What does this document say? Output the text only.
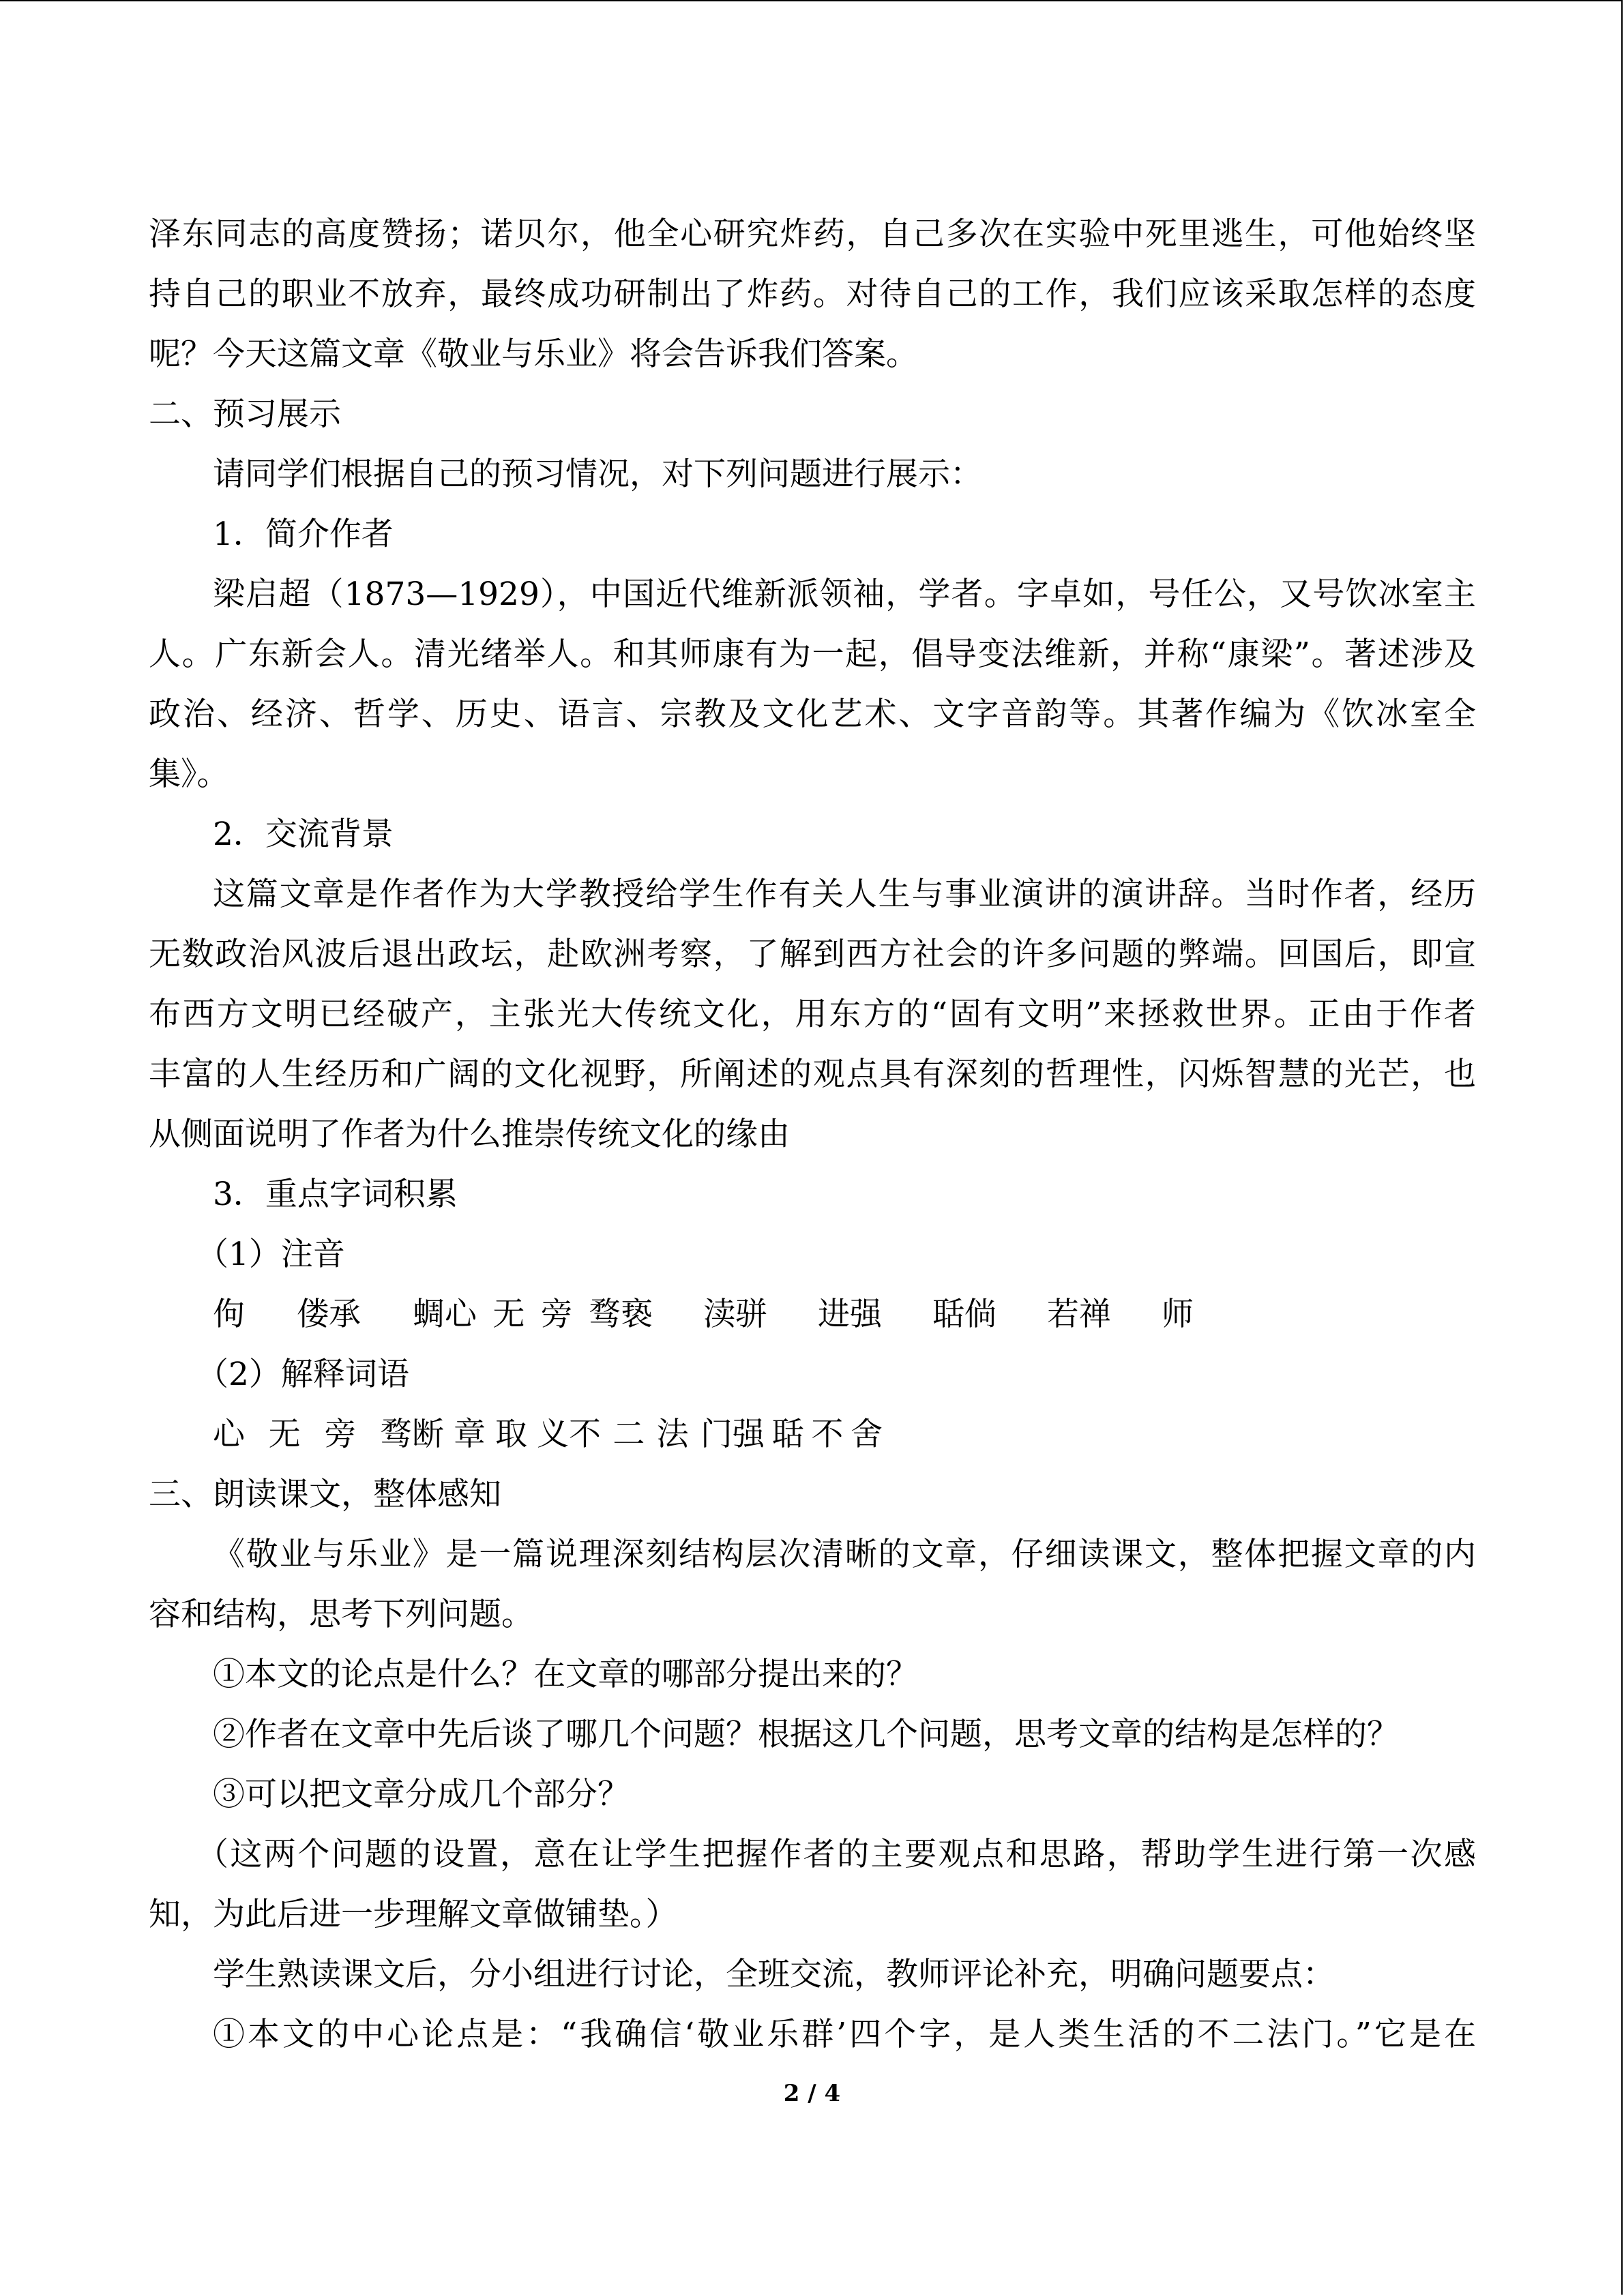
泽东同志的高度赞扬；诺贝尔，他全心研究炸药，自己多次在实验中死里逃生，可他始终坚
持自己的职业不放弃，最终成功研制出了炸药。对待自己的工作，我们应该采取怎样的态度
呢？今天这篇文章《敬业与乐业》将会告诉我们答案。
二、预习展示
请同学们根据自己的预习情况，对下列问题进行展示：
1．简介作者
梁启超（1873—1929），中国近代维新派领袖，学者。字卓如，号任公，又号饮冰室主
人。广东新会人。清光绪举人。和其师康有为一起，倡导变法维新，并称“康梁”。著述涉及
政治、经济、哲学、历史、语言、宗教及文化艺术、文字音韵等。其著作编为《饮冰室全
集》。
2．交流背景
这篇文章是作者作为大学教授给学生作有关人生与事业演讲的演讲辞。当时作者，经历
无数政治风波后退出政坛，赴欧洲考察，了解到西方社会的许多问题的弊端。回国后，即宣
布西方文明已经破产，主张光大传统文化，用东方的“固有文明”来拯救世界。正由于作者
丰富的人生经历和广阔的文化视野，所阐述的观点具有深刻的哲理性，闪烁智慧的光芒，也
从侧面说明了作者为什么推崇传统文化的缘由
3．重点字词积累
（1）注音
佝偻 承蜩 心无旁骛 亵渎 骈进 强聒 倘若 禅师
（2）解释词语
心无旁骛 断章取义 不二法门 强聒不舍
三、朗读课文，整体感知
《敬业与乐业》是一篇说理深刻结构层次清晰的文章，仔细读课文，整体把握文章的内
容和结构，思考下列问题。
①本文的论点是什么？在文章的哪部分提出来的？
②作者在文章中先后谈了哪几个问题？根据这几个问题，思考文章的结构是怎样的？
③可以把文章分成几个部分？
（这两个问题的设置，意在让学生把握作者的主要观点和思路，帮助学生进行第一次感
知，为此后进一步理解文章做铺垫。）
学生熟读课文后，分小组进行讨论，全班交流，教师评论补充，明确问题要点：
①本文的中心论点是：“我确信‘敬业乐群’四个字，是人类生活的不二法门。”它是在
2 / 4
